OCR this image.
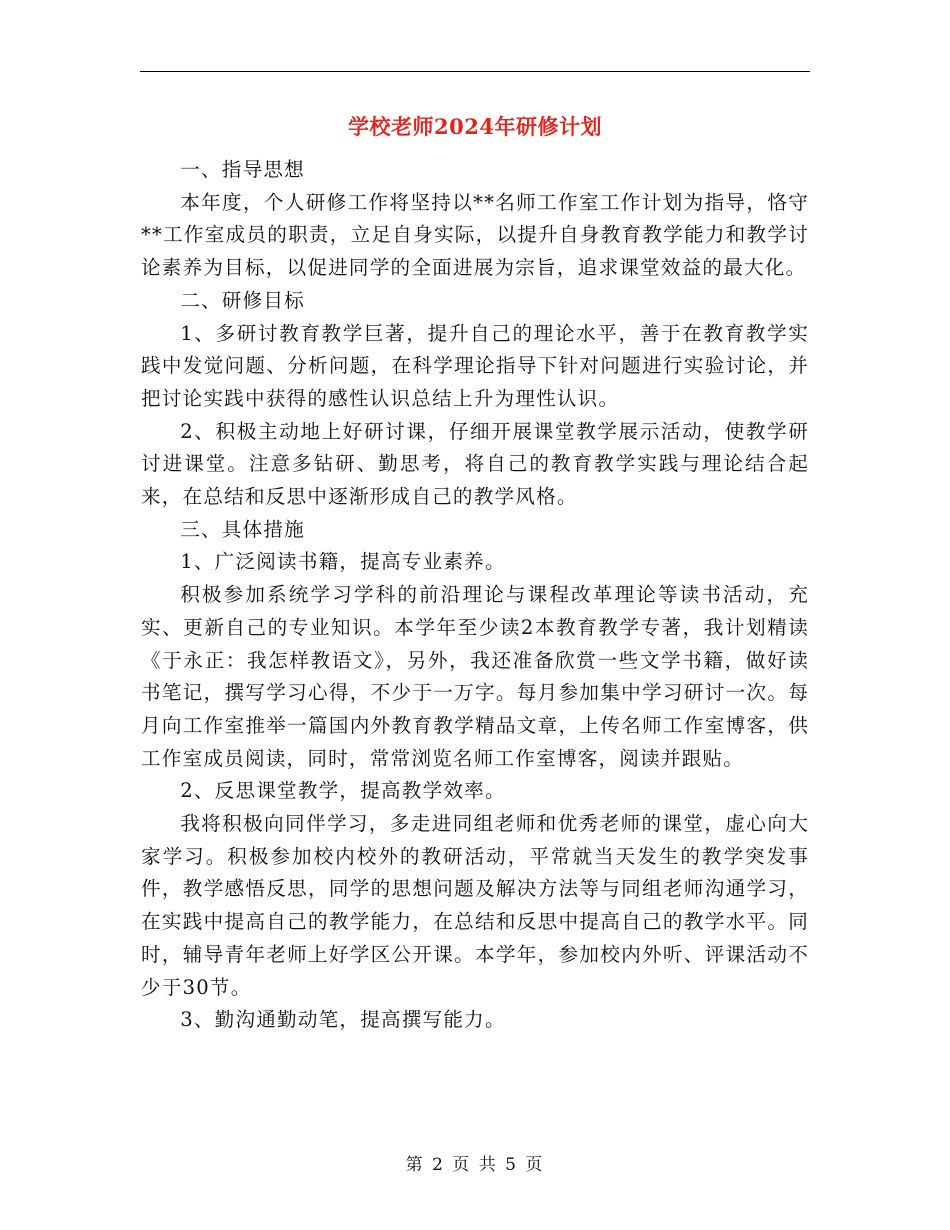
学校老师2024年研修计划

一、指导思想

本年度，个人研修工作将坚持以**名师工作室工作计划为指导，恪守**工作室成员的职责，立足自身实际，以提升自身教育教学能力和教学讨论素养为目标，以促进同学的全面进展为宗旨，追求课堂效益的最大化。

二、研修目标

1、多研讨教育教学巨著，提升自己的理论水平，善于在教育教学实践中发觉问题、分析问题，在科学理论指导下针对问题进行实验讨论，并把讨论实践中获得的感性认识总结上升为理性认识。

2、积极主动地上好研讨课，仔细开展课堂教学展示活动，使教学研讨进课堂。注意多钻研、勤思考，将自己的教育教学实践与理论结合起来，在总结和反思中逐渐形成自己的教学风格。

三、具体措施

1、广泛阅读书籍，提高专业素养。

积极参加系统学习学科的前沿理论与课程改革理论等读书活动，充实、更新自己的专业知识。本学年至少读2本教育教学专著，我计划精读《于永正：我怎样教语文》，另外，我还准备欣赏一些文学书籍，做好读书笔记，撰写学习心得，不少于一万字。每月参加集中学习研讨一次。每月向工作室推举一篇国内外教育教学精品文章，上传名师工作室博客，供工作室成员阅读，同时，常常浏览名师工作室博客，阅读并跟贴。

2、反思课堂教学，提高教学效率。

我将积极向同伴学习，多走进同组老师和优秀老师的课堂，虚心向大家学习。积极参加校内校外的教研活动，平常就当天发生的教学突发事件，教学感悟反思，同学的思想问题及解决方法等与同组老师沟通学习，在实践中提高自己的教学能力，在总结和反思中提高自己的教学水平。同时，辅导青年老师上好学区公开课。本学年，参加校内外听、评课活动不少于30节。

3、勤沟通勤动笔，提高撰写能力。

第 2 页 共 5 页
